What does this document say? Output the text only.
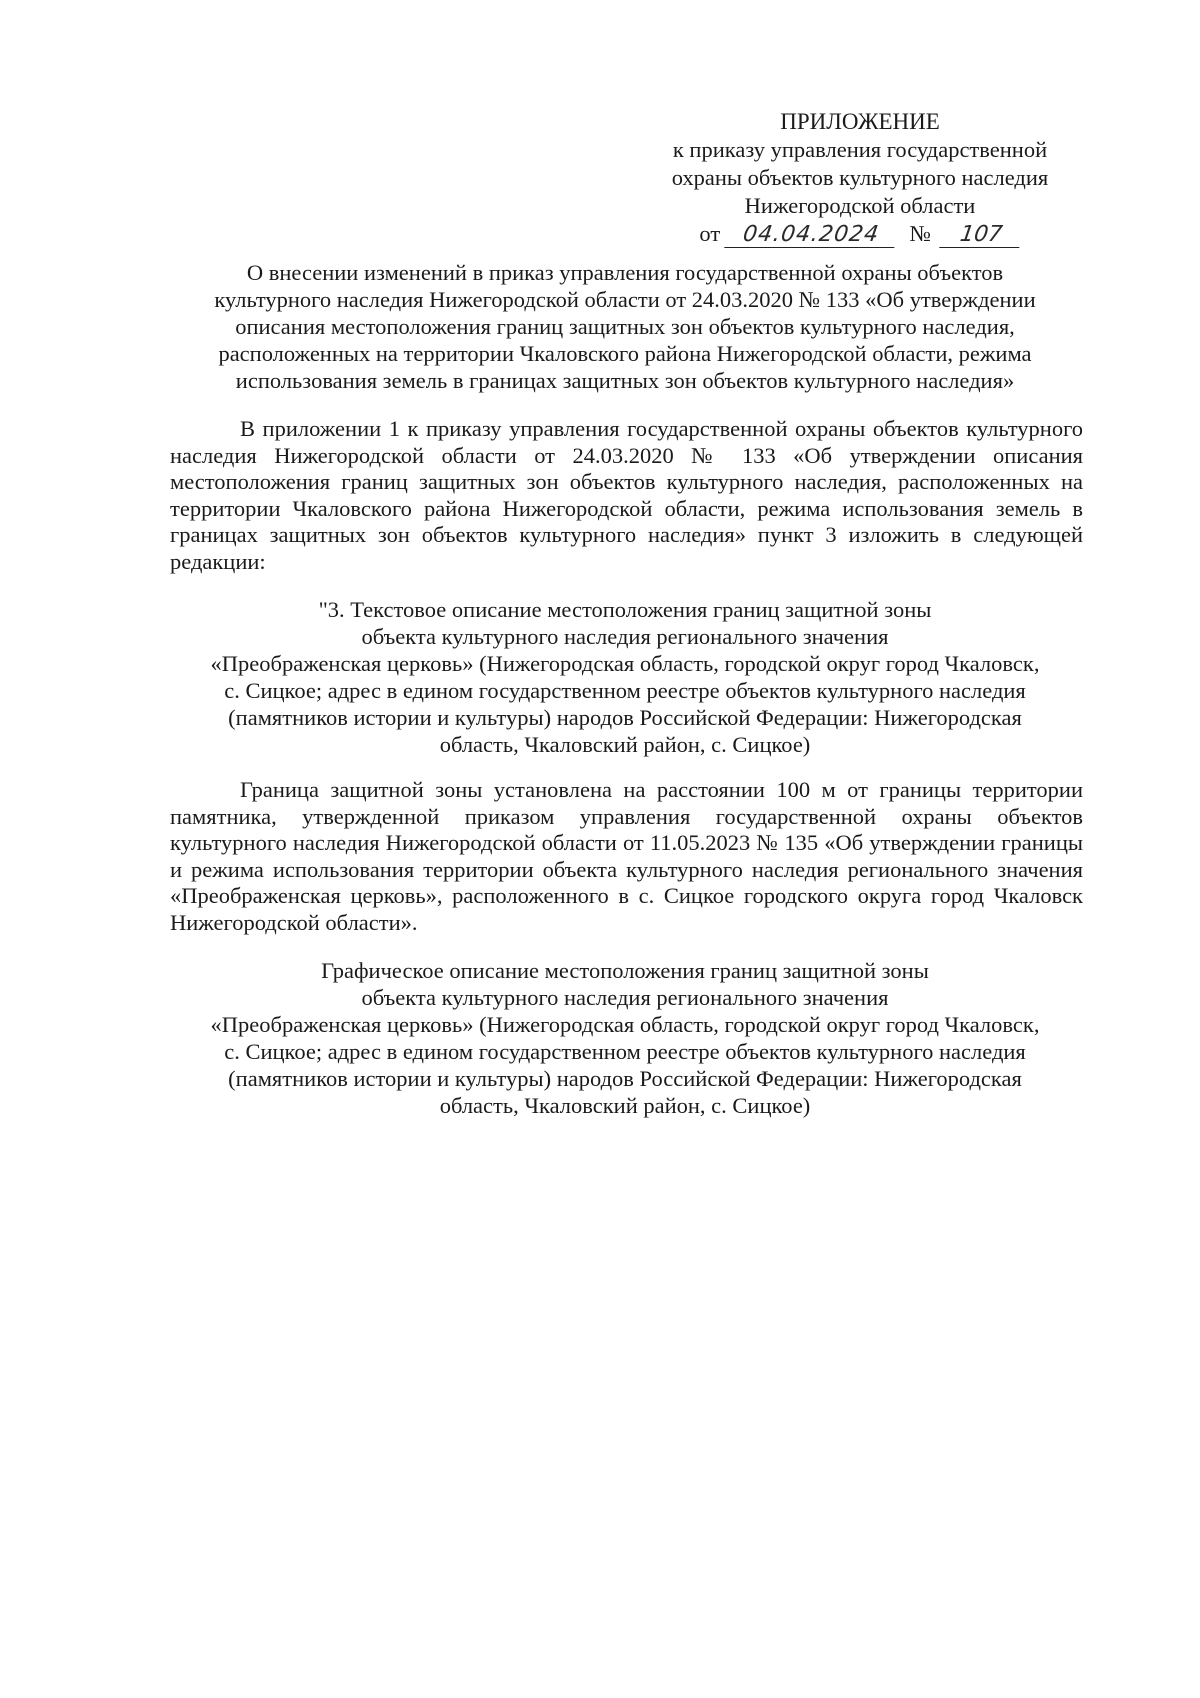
ПРИЛОЖЕНИЕ
к приказу управления государственной
охраны объектов культурного наследия
Нижегородской области
от 04.04.2024 № 107
О внесении изменений в приказ управления государственной охраны объектов
культурного наследия Нижегородской области от 24.03.2020 № 133 «Об утверждении
описания местоположения границ защитных зон объектов культурного наследия,
расположенных на территории Чкаловского района Нижегородской области, режима
использования земель в границах защитных зон объектов культурного наследия»
В приложении 1 к приказу управления государственной охраны объектов культурного наследия Нижегородской области от 24.03.2020 № 133 «Об утверждении описания местоположения границ защитных зон объектов культурного наследия, расположенных на территории Чкаловского района Нижегородской области, режима использования земель в границах защитных зон объектов культурного наследия» пункт 3 изложить в следующей редакции:
"3. Текстовое описание местоположения границ защитной зоны
объекта культурного наследия регионального значения
«Преображенская церковь» (Нижегородская область, городской округ город Чкаловск,
с. Сицкое; адрес в едином государственном реестре объектов культурного наследия
(памятников истории и культуры) народов Российской Федерации: Нижегородская
область, Чкаловский район, с. Сицкое)
Граница защитной зоны установлена на расстоянии 100 м от границы территории памятника, утвержденной приказом управления государственной охраны объектов культурного наследия Нижегородской области от 11.05.2023 № 135 «Об утверждении границы и режима использования территории объекта культурного наследия регионального значения «Преображенская церковь», расположенного в с. Сицкое городского округа город Чкаловск Нижегородской области».
Графическое описание местоположения границ защитной зоны
объекта культурного наследия регионального значения
«Преображенская церковь» (Нижегородская область, городской округ город Чкаловск,
с. Сицкое; адрес в едином государственном реестре объектов культурного наследия
(памятников истории и культуры) народов Российской Федерации: Нижегородская
область, Чкаловский район, с. Сицкое)
